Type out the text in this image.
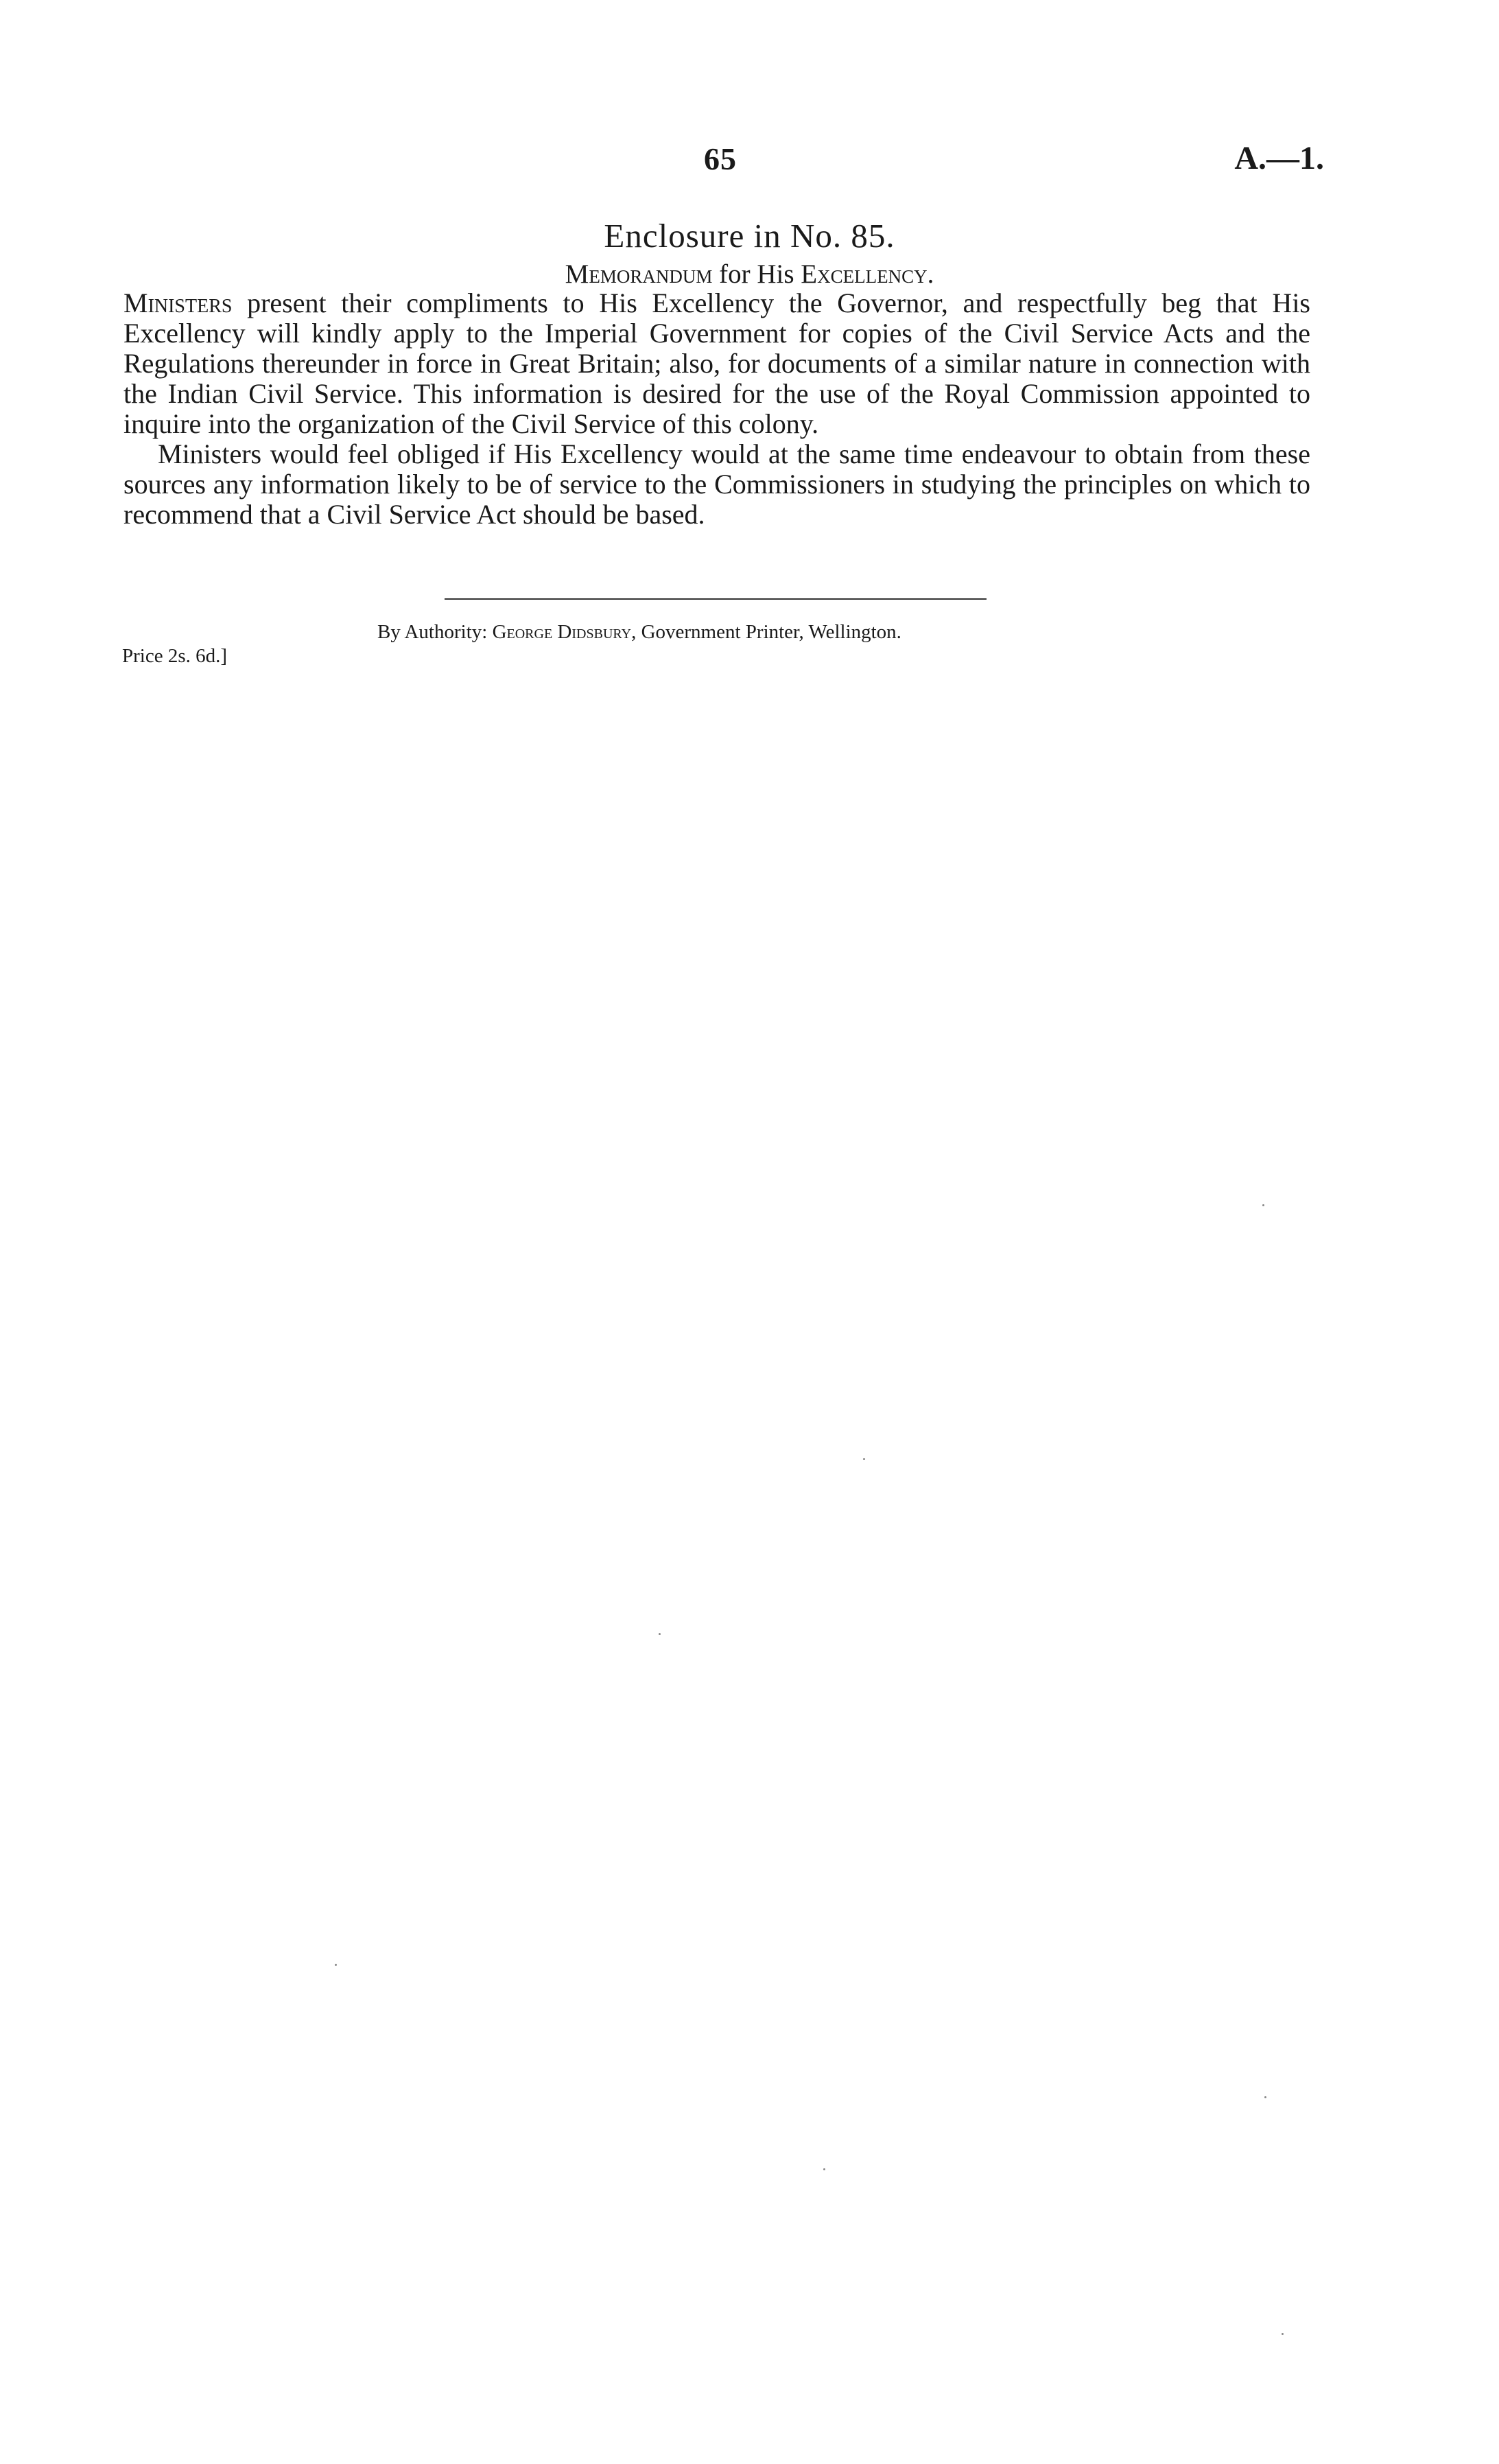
65	A.—1.
Enclosure in No. 85.
Memorandum for His Excellency.

Ministers present their compliments to His Excellency the Governor, and respectfully beg that His Excellency will kindly apply to the Imperial Government for copies of the Civil Service Acts and the Regulations thereunder in force in Great Britain; also, for documents of a similar nature in connection with the Indian Civil Service. This information is desired for the use of the Royal Commission appointed to inquire into the organization of the Civil Service of this colony.

Ministers would feel obliged if His Excellency would at the same time endeavour to obtain from these sources any information likely to be of service to the Commissioners in studying the principles on which to recommend that a Civil Service Act should be based.

By Authority: George Didsbury, Government Printer, Wellington.
Price 2s. 6d.]
